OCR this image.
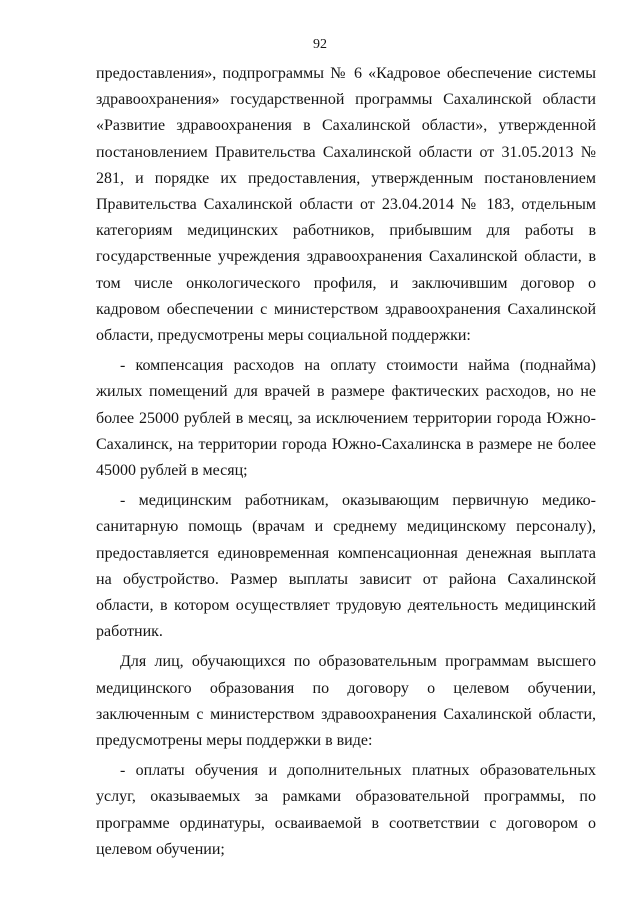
92

предоставления», подпрограммы № 6 «Кадровое обеспечение системы здравоохранения» государственной программы Сахалинской области «Развитие здравоохранения в Сахалинской области», утвержденной постановлением Правительства Сахалинской области от 31.05.2013 № 281, и порядке их предоставления, утвержденным постановлением Правительства Сахалинской области от 23.04.2014 № 183, отдельным категориям медицинских работников, прибывшим для работы в государственные учреждения здравоохранения Сахалинской области, в том числе онкологического профиля, и заключившим договор о кадровом обеспечении с министерством здравоохранения Сахалинской области, предусмотрены меры социальной поддержки:

- компенсация расходов на оплату стоимости найма (поднайма) жилых помещений для врачей в размере фактических расходов, но не более 25000 рублей в месяц, за исключением территории города Южно-Сахалинск, на территории города Южно-Сахалинска в размере не более 45000 рублей в месяц;

- медицинским работникам, оказывающим первичную медико-санитарную помощь (врачам и среднему медицинскому персоналу), предоставляется единовременная компенсационная денежная выплата на обустройство. Размер выплаты зависит от района Сахалинской области, в котором осуществляет трудовую деятельность медицинский работник.

Для лиц, обучающихся по образовательным программам высшего медицинского образования по договору о целевом обучении, заключенным с министерством здравоохранения Сахалинской области, предусмотрены меры поддержки в виде:

- оплаты обучения и дополнительных платных образовательных услуг, оказываемых за рамками образовательной программы, по программе ординатуры, осваиваемой в соответствии с договором о целевом обучении;
